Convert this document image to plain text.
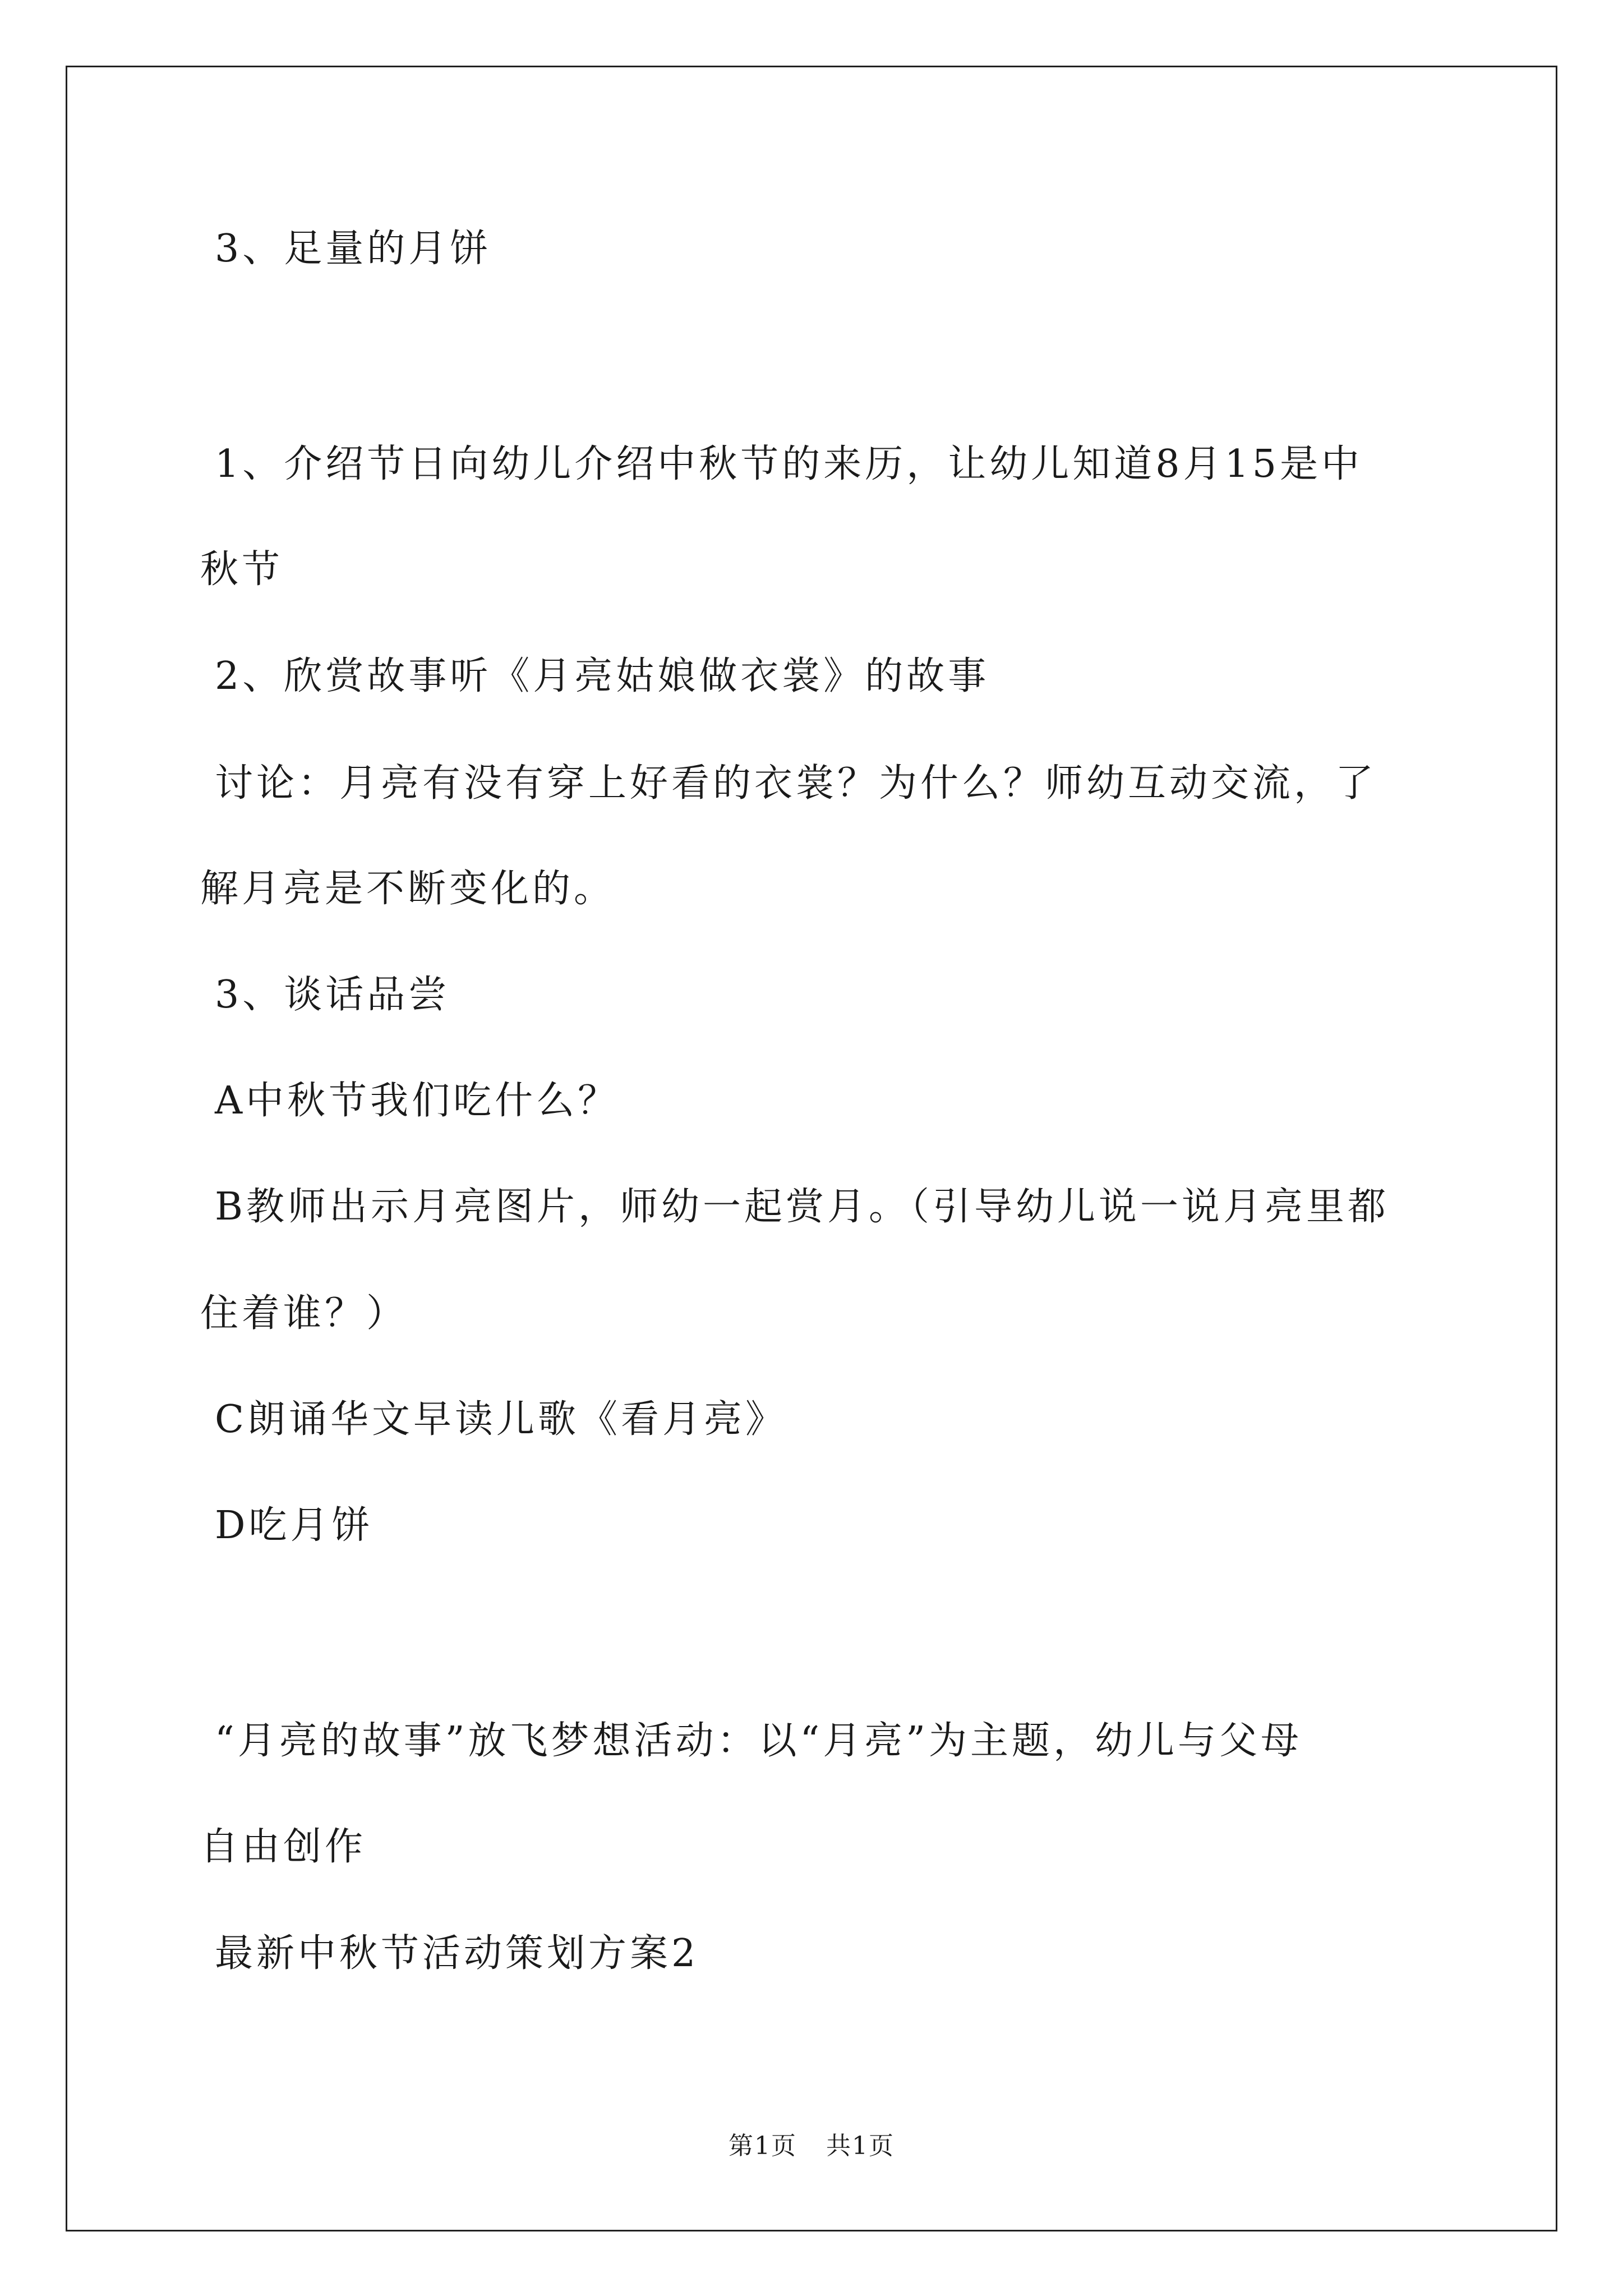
3、足量的月饼
1、介绍节日向幼儿介绍中秋节的来历，让幼儿知道8月15是中
秋节
2、欣赏故事听《月亮姑娘做衣裳》的故事
讨论：月亮有没有穿上好看的衣裳？为什么？师幼互动交流，了
解月亮是不断变化的。
3、谈话品尝
A中秋节我们吃什么？
B教师出示月亮图片，师幼一起赏月。（引导幼儿说一说月亮里都
住着谁？）
C朗诵华文早读儿歌《看月亮》
D吃月饼
“月亮的故事”放飞梦想活动：以“月亮”为主题，幼儿与父母
自由创作
最新中秋节活动策划方案2
第1页 共1页
